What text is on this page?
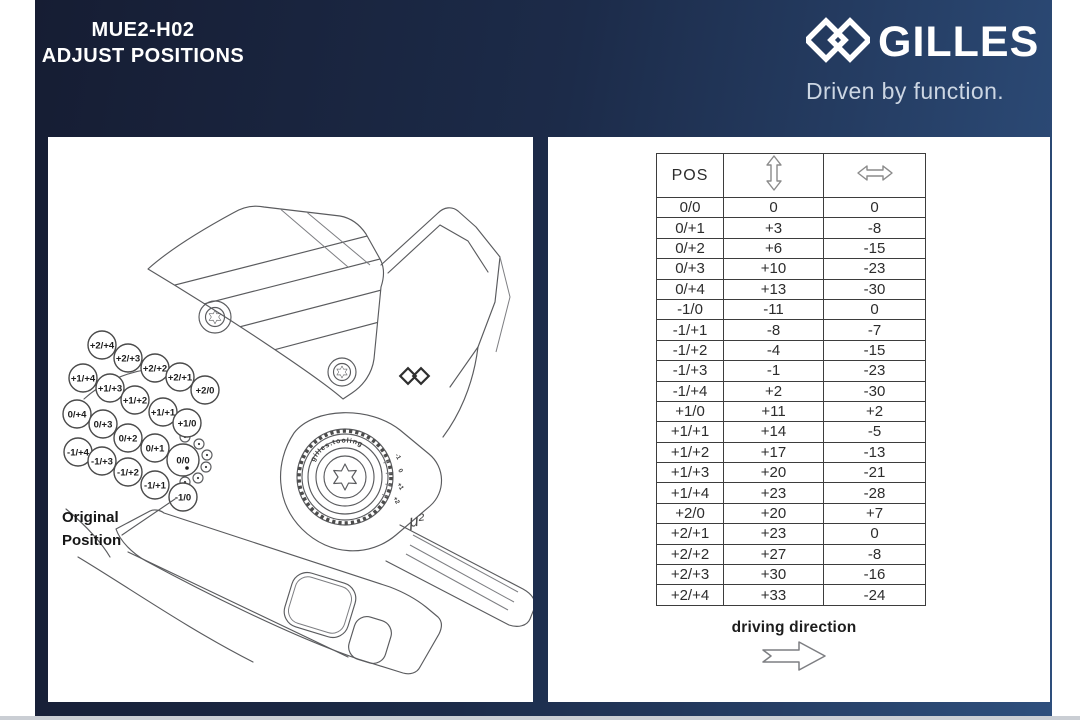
MUE2-H02
ADJUST POSITIONS	GILLES
Driven by function.
gilles.tooling
-1
0
+1
+2
μ²
+2/+4
+2/+3
+2/+2
+2/+1
+2/0
+1/+4
+1/+3
+1/+2
+1/+1
+1/0
0/+4
0/+3
0/+2
0/+1
0/0
-1/+4
-1/+3
-1/+2
-1/+1
-1/0
Original
Position
POS		
0/0	0	0
0/+1	+3	-8
0/+2	+6	-15
0/+3	+10	-23
0/+4	+13	-30
-1/0	-11	0
-1/+1	-8	-7
-1/+2	-4	-15
-1/+3	-1	-23
-1/+4	+2	-30
+1/0	+11	+2
+1/+1	+14	-5
+1/+2	+17	-13
+1/+3	+20	-21
+1/+4	+23	-28
+2/0	+20	+7
+2/+1	+23	0
+2/+2	+27	-8
+2/+3	+30	-16
+2/+4	+33	-24
driving direction
